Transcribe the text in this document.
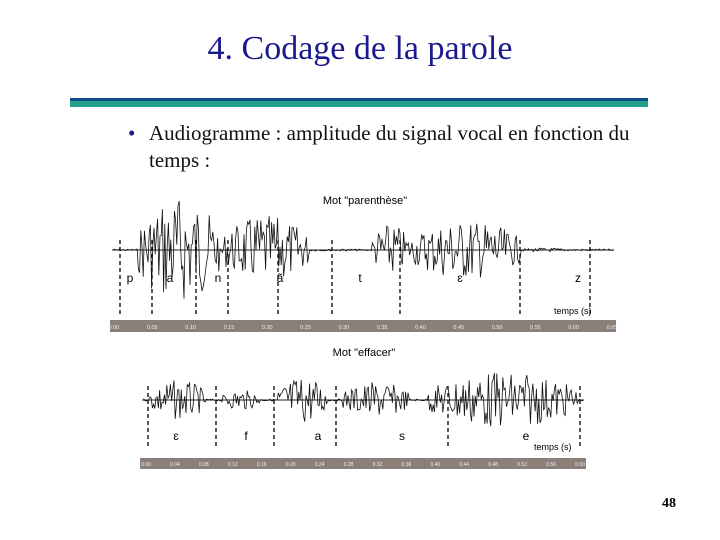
4. Codage de la parole
• Audiogramme : amplitude du signal vocal en fonction du temps :
Mot "parenthèse"
p	a	n	ã	t	ɛ	z
temps (s)
0.00	0.05	0.10	0.15	0.20	0.25	0.30	0.35	0.40	0.45	0.50	0.55	0.60	0.65
Mot "effacer"
ɛ	f	a	s	e
temps (s)
0.00	0.04	0.08	0.12	0.16	0.20	0.24	0.28	0.32	0.36	0.40	0.44	0.48	0.52	0.56	0.60
48
